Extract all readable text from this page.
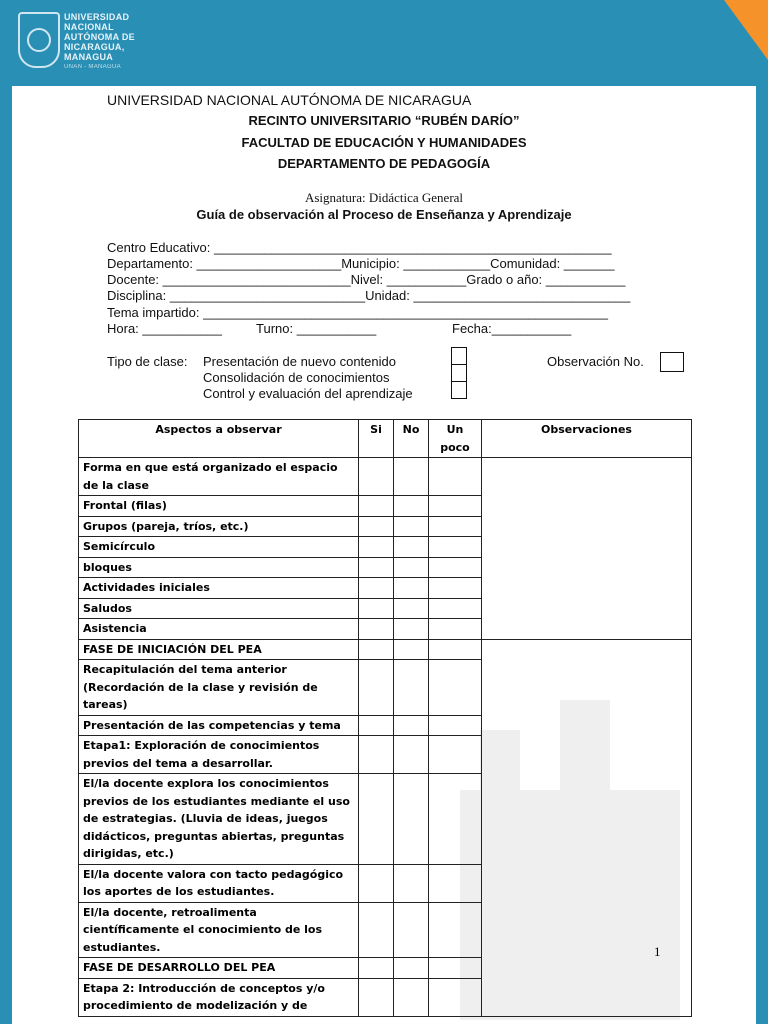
UNIVERSIDAD
NACIONAL
AUTÓNOMA DE
NICARAGUA,
MANAGUA
UNAN - MANAGUA
UNIVERSIDAD NACIONAL AUTÓNOMA DE NICARAGUA
RECINTO UNIVERSITARIO “RUBÉN DARÍO”
FACULTAD DE EDUCACIÓN Y HUMANIDADES
DEPARTAMENTO DE PEDAGOGÍA
Asignatura: Didáctica General
Guía de observación al Proceso de Enseñanza y Aprendizaje
Centro Educativo: _______________________________________________________
Departamento: ____________________Municipio: ____________Comunidad: _______
Docente: __________________________Nivel: ___________Grado o año: ___________
Disciplina: ___________________________Unidad: ______________________________
Tema impartido: ________________________________________________________
Hora: ___________	Turno: ___________	Fecha:___________
Tipo de clase: Presentación de nuevo contenido
Consolidación de conocimientos
Control y evaluación del aprendizaje
Observación No.
Aspectos a observar	Si	No	Un poco	Observaciones
Forma en que está organizado el espacio de la clase				
Frontal (filas)				
Grupos (pareja, tríos, etc.)				
Semicírculo				
bloques				
Actividades iniciales				
Saludos				
Asistencia				
FASE DE INICIACIÓN DEL PEA				
Recapitulación del tema anterior (Recordación de la clase y revisión de tareas)				
Presentación de las competencias y tema				
Etapa1: Exploración de conocimientos previos del tema a desarrollar.				
El/la docente explora los conocimientos previos de los estudiantes mediante el uso de estrategias. (Lluvia de ideas, juegos didácticos, preguntas abiertas, preguntas dirigidas, etc.)				
El/la docente valora con tacto pedagógico los aportes de los estudiantes.				
El/la docente, retroalimenta científicamente el conocimiento de los estudiantes.				
FASE DE DESARROLLO DEL PEA				
Etapa 2: Introducción de conceptos y/o procedimiento de modelización y de				
1
